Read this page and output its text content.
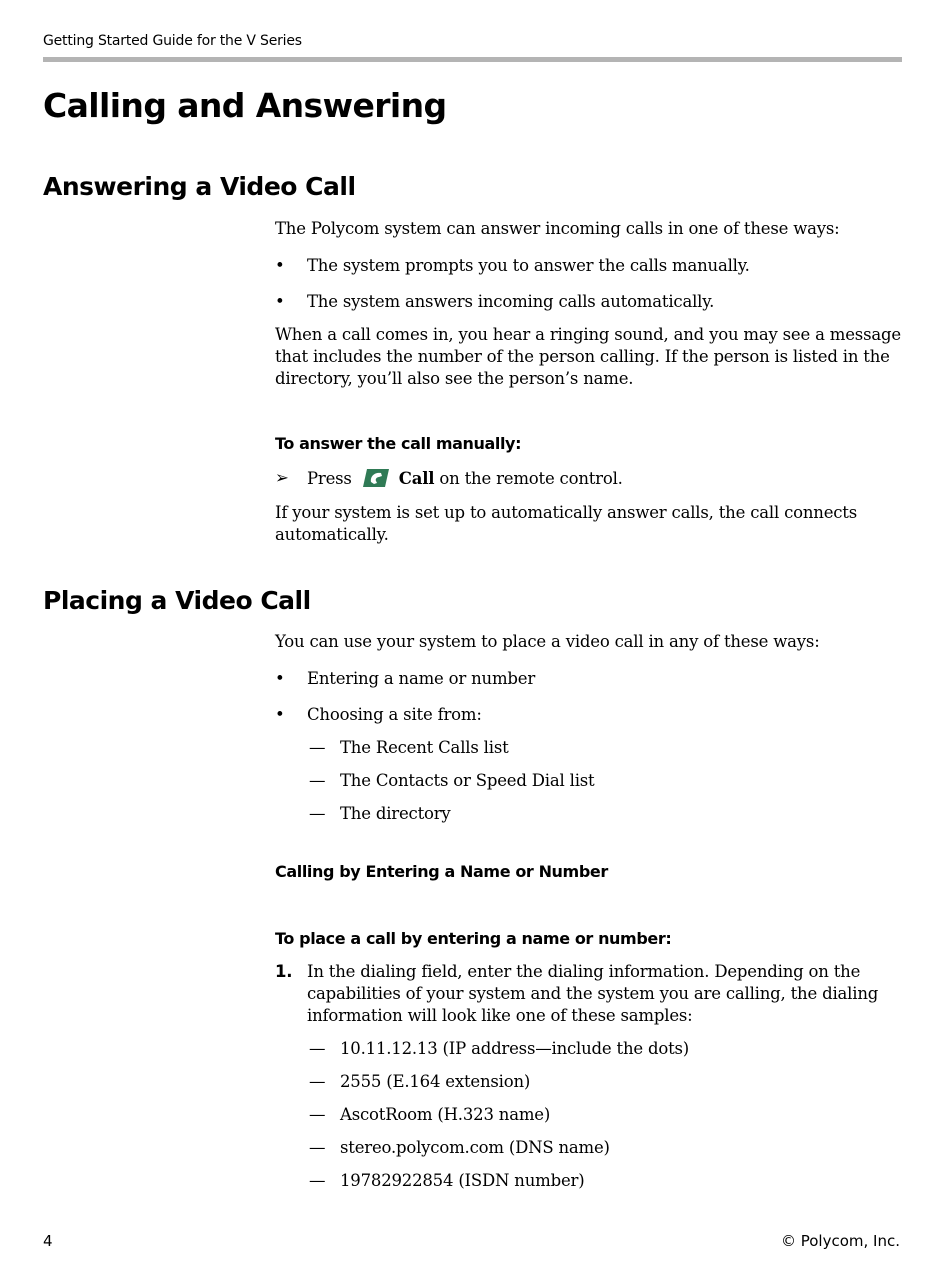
Getting Started Guide for the V Series
Calling and Answering
Answering a Video Call

The Polycom system can answer incoming calls in one of these ways:

•	The system prompts you to answer the calls manually.

•	The system answers incoming calls automatically.

When a call comes in, you hear a ringing sound, and you may see a message that includes the number of the person calling. If the person is listed in the directory, you’ll also see the person’s name.

To answer the call manually:

➢	Press	Call on the remote control.

If your system is set up to automatically answer calls, the call connects automatically.

Placing a Video Call

You can use your system to place a video call in any of these ways:

•	Entering a name or number

•	Choosing a site from:

— The Recent Calls list

— The Contacts or Speed Dial list

— The directory

Calling by Entering a Name or Number

To place a call by entering a name or number:

1. In the dialing field, enter the dialing information. Depending on the capabilities of your system and the system you are calling, the dialing information will look like one of these samples:

— 10.11.12.13 (IP address—include the dots)

— 2555 (E.164 extension)

— AscotRoom (H.323 name)

— stereo.polycom.com (DNS name)

— 19782922854 (ISDN number)

4	© Polycom, Inc.
